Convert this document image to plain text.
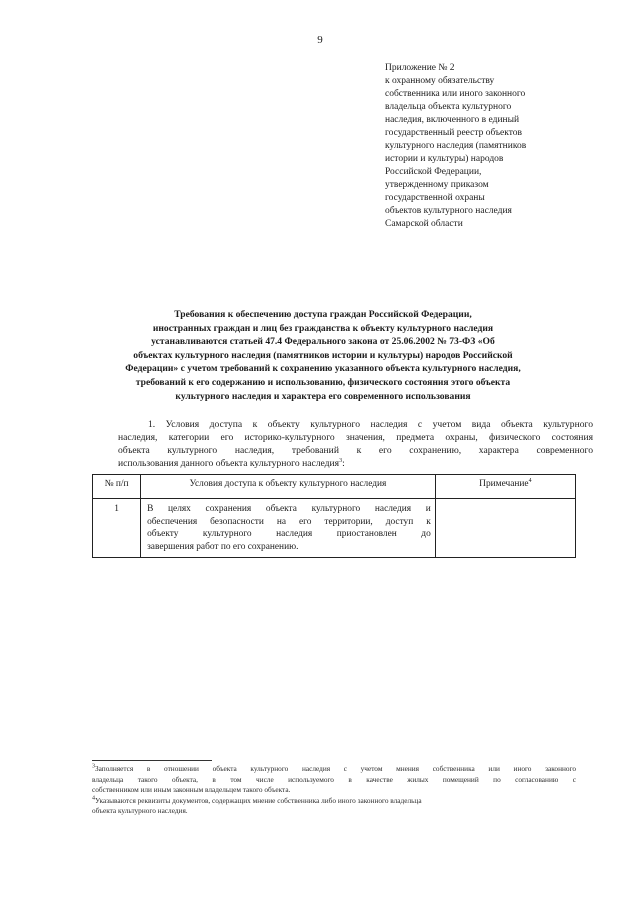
9
Приложение № 2
к охранному обязательству
собственника или иного законного
владельца объекта культурного
наследия, включенного в единый
государственный реестр объектов
культурного наследия (памятников
истории и культуры) народов
Российской Федерации,
утвержденному приказом
государственной охраны
объектов культурного наследия
Самарской области
Требования к обеспечению доступа граждан Российской Федерации,
иностранных граждан и лиц без гражданства к объекту культурного наследия
устанавливаются статьей 47.4 Федерального закона от 25.06.2002 № 73-ФЗ «Об
объектах культурного наследия (памятников истории и культуры) народов Российской
Федерации» с учетом требований к сохранению указанного объекта культурного наследия,
требований к его содержанию и использованию, физического состояния этого объекта
культурного наследия и характера его современного использования
1. Условия доступа к объекту культурного наследия с учетом вида объекта культурного
наследия, категории его историко-культурного значения, предмета охраны, физического состояния
объекта культурного наследия, требований к его сохранению, характера современного
использования данного объекта культурного наследия$^3$:
№ п/п	Условия доступа к объекту культурного наследия	Примечание$^4$
1	В целях сохранения объекта культурного наследия и
обеспечения безопасности на его территории, доступ к
объекту культурного наследия приостановлен до
завершения работ по его сохранению.	

$^3$Заполняется в отношении объекта культурного наследия с учетом мнения собственника или иного законного
владельца такого объекта, в том числе используемого в качестве жилых помещений по согласованию с
собственником или иным законным владельцем такого объекта.
$^4$Указываются реквизиты документов, содержащих мнение собственника либо иного законного владельца
объекта культурного наследия.
